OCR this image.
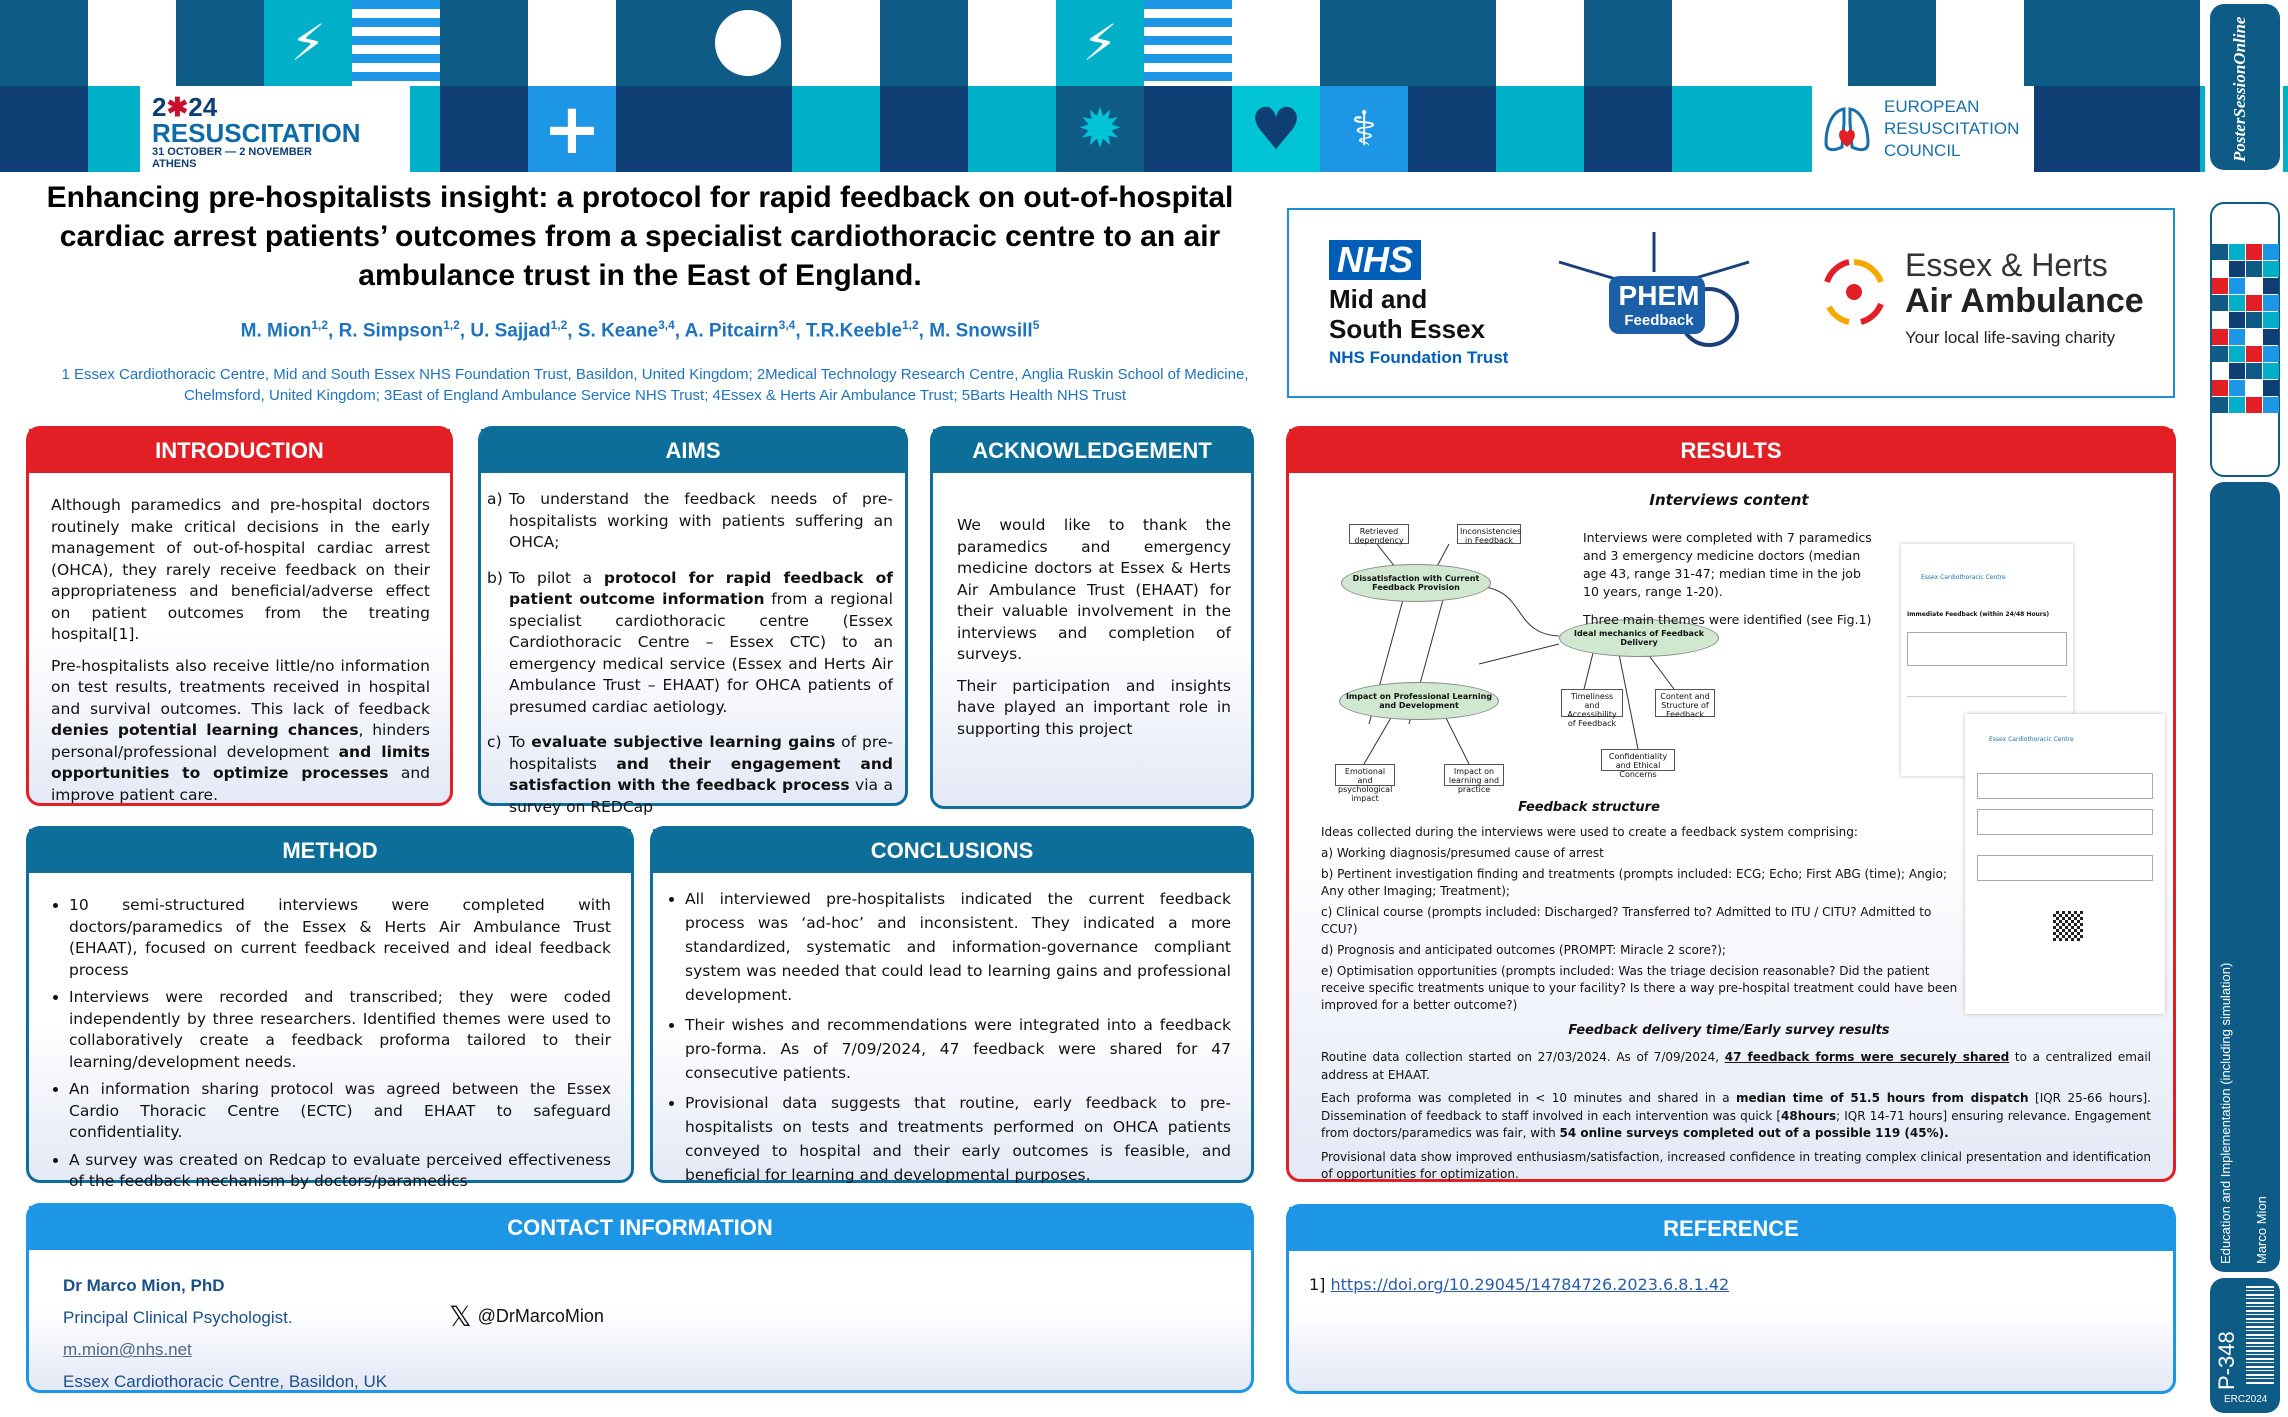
⚡	⚡
+	✹	♥	⚕
2✱24
RESUSCITATION
31 OCTOBER — 2 NOVEMBER
ATHENS
EUROPEAN
RESUSCITATION
COUNCIL	PosterSessionOnline
Education and Implementation (including simulation) Marco Mion
P-348
ERC2024
Enhancing pre-hospitalists insight: a protocol for rapid feedback on out-of-hospital cardiac arrest patients’ outcomes from a specialist cardiothoracic centre to an air ambulance trust in the East of England.
M. Mion$^{1,2}$, R. Simpson$^{1,2}$, U. Sajjad$^{1,2}$, S. Keane$^{3,4}$, A. Pitcairn$^{3,4}$, T.R.Keeble$^{1,2}$, M. Snowsill$^5$
1 Essex Cardiothoracic Centre, Mid and South Essex NHS Foundation Trust, Basildon, United Kingdom; 2Medical Technology Research Centre, Anglia Ruskin School of Medicine, Chelmsford, United Kingdom; 3East of England Ambulance Service NHS Trust; 4Essex & Herts Air Ambulance Trust; 5Barts Health NHS Trust
NHS
Mid and
South Essex
NHS Foundation Trust
PHEM
Feedback
Essex & Herts
Air Ambulance
Your local life-saving charity
INTRODUCTION

Although paramedics and pre-hospital doctors routinely make critical decisions in the early management of out-of-hospital cardiac arrest (OHCA), they rarely receive feedback on their appropriateness and beneficial/adverse effect on patient outcomes from the treating hospital[1].

Pre-hospitalists also receive little/no information on test results, treatments received in hospital and survival outcomes. This lack of feedback denies potential learning chances, hinders personal/professional development and limits opportunities to optimize processes and improve patient care.

AIMS
a) To understand the feedback needs of pre-hospitalists working with patients suffering an OHCA;
b) To pilot a protocol for rapid feedback of patient outcome information from a regional specialist cardiothoracic centre (Essex Cardiothoracic Centre – Essex CTC) to an emergency medical service (Essex and Herts Air Ambulance Trust – EHAAT) for OHCA patients of presumed cardiac aetiology.
c) To evaluate subjective learning gains of pre-hospitalists and their engagement and satisfaction with the feedback process via a survey on REDCap
ACKNOWLEDGEMENT

We would like to thank the paramedics and emergency medicine doctors at Essex & Herts Air Ambulance Trust (EHAAT) for their valuable involvement in the interviews and completion of surveys.

Their participation and insights have played an important role in supporting this project

METHOD
• 10 semi-structured interviews were completed with doctors/paramedics of the Essex & Herts Air Ambulance Trust (EHAAT), focused on current feedback received and ideal feedback process
• Interviews were recorded and transcribed; they were coded independently by three researchers. Identified themes were used to collaboratively create a feedback proforma tailored to their learning/development needs.
• An information sharing protocol was agreed between the Essex Cardio Thoracic Centre (ECTC) and EHAAT to safeguard confidentiality.
• A survey was created on Redcap to evaluate perceived effectiveness of the feedback mechanism by doctors/paramedics
CONCLUSIONS
• All interviewed pre-hospitalists indicated the current feedback process was ‘ad-hoc’ and inconsistent. They indicated a more standardized, systematic and information-governance compliant system was needed that could lead to learning gains and professional development.
• Their wishes and recommendations were integrated into a feedback pro-forma. As of 7/09/2024, 47 feedback were shared for 47 consecutive patients.
• Provisional data suggests that routine, early feedback to pre-hospitalists on tests and treatments performed on OHCA patients conveyed to hospital and their early outcomes is feasible, and beneficial for learning and developmental purposes.
RESULTS
Interviews content
Retrieved dependency
Inconsistencies in Feedback
Dissatisfaction with Current Feedback Provision
Ideal mechanics of Feedback Delivery
Impact on Professional Learning and Development
Timeliness and Accessibility of Feedback
Content and Structure of Feedback
Confidentiality and Ethical Concerns
Emotional and psychological impact
Impact on learning and practice

Interviews were completed with 7 paramedics and 3 emergency medicine doctors (median age 43, range 31-47; median time in the job 10 years, range 1-20).

Three main themes were identified (see Fig.1)

Essex Cardiothoracic Centre
Immediate Feedback (within 24/48 Hours)
Essex Cardiothoracic Centre
Feedback structure

Ideas collected during the interviews were used to create a feedback system comprising:

a) Working diagnosis/presumed cause of arrest

b) Pertinent investigation finding and treatments (prompts included: ECG; Echo; First ABG (time); Angio; Any other Imaging; Treatment);

c) Clinical course (prompts included: Discharged? Transferred to? Admitted to ITU / CITU? Admitted to CCU?)

d) Prognosis and anticipated outcomes (PROMPT: Miracle 2 score?);

e) Optimisation opportunities (prompts included: Was the triage decision reasonable? Did the patient receive specific treatments unique to your facility? Is there a way pre-hospital treatment could have been improved for a better outcome?)

Feedback delivery time/Early survey results

Routine data collection started on 27/03/2024. As of 7/09/2024, 47 feedback forms were securely shared to a centralized email address at EHAAT.

Each proforma was completed in < 10 minutes and shared in a median time of 51.5 hours from dispatch [IQR 25-66 hours]. Dissemination of feedback to staff involved in each intervention was quick [48hours; IQR 14-71 hours] ensuring relevance. Engagement from doctors/paramedics was fair, with 54 online surveys completed out of a possible 119 (45%).

Provisional data show improved enthusiasm/satisfaction, increased confidence in treating complex clinical presentation and identification of opportunities for optimization.

CONTACT INFORMATION
Dr Marco Mion, PhD
Principal Clinical Psychologist.
m.mion@nhs.net
Essex Cardiothoracic Centre, Basildon, UK
𝕏 @DrMarcoMion
REFERENCE
1] https://doi.org/10.29045/14784726.2023.6.8.1.42
